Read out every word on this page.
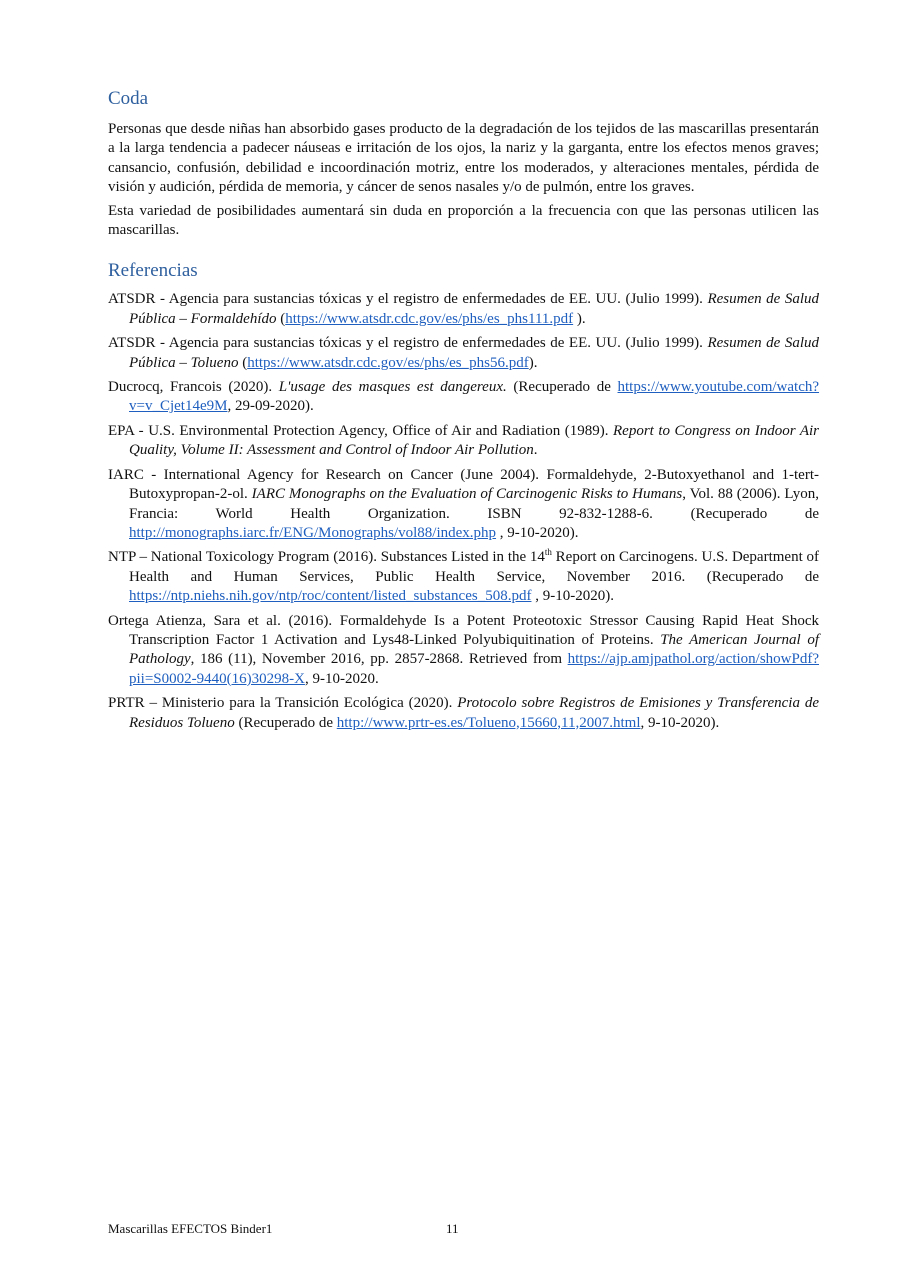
Coda

Personas que desde niñas han absorbido gases producto de la degradación de los tejidos de las mascarillas presentarán a la larga tendencia a padecer náuseas e irritación de los ojos, la nariz y la garganta, entre los efectos menos graves; cansancio, confusión, debilidad e incoordinación motriz, entre los moderados, y alteraciones mentales, pérdida de visión y audición, pérdida de memoria, y cáncer de senos nasales y/o de pulmón, entre los graves.

Esta variedad de posibilidades aumentará sin duda en proporción a la frecuencia con que las personas utilicen las mascarillas.

Referencias

ATSDR - Agencia para sustancias tóxicas y el registro de enfermedades de EE. UU. (Julio 1999). Resumen de Salud Pública – Formaldehído (https://www.atsdr.cdc.gov/es/phs/es_phs111.pdf ).

ATSDR - Agencia para sustancias tóxicas y el registro de enfermedades de EE. UU. (Julio 1999). Resumen de Salud Pública – Tolueno (https://www.atsdr.cdc.gov/es/phs/es_phs56.pdf).

Ducrocq, Francois (2020). L'usage des masques est dangereux. (Recuperado de https://www.youtube.com/watch?v=v_Cjet14e9M, 29-09-2020).

EPA - U.S. Environmental Protection Agency, Office of Air and Radiation (1989). Report to Congress on Indoor Air Quality, Volume II: Assessment and Control of Indoor Air Pollution.

IARC - International Agency for Research on Cancer (June 2004). Formaldehyde, 2-Butoxyethanol and 1-tert-Butoxypropan-2-ol. IARC Monographs on the Evaluation of Carcinogenic Risks to Humans, Vol. 88 (2006). Lyon, Francia: World Health Organization. ISBN 92-832-1288-6. (Recuperado de http://monographs.iarc.fr/ENG/Monographs/vol88/index.php , 9-10-2020).

NTP – National Toxicology Program (2016). Substances Listed in the 14th Report on Carcinogens. U.S. Department of Health and Human Services, Public Health Service, November 2016. (Recuperado de https://ntp.niehs.nih.gov/ntp/roc/content/listed_substances_508.pdf , 9-10-2020).

Ortega Atienza, Sara et al. (2016). Formaldehyde Is a Potent Proteotoxic Stressor Causing Rapid Heat Shock Transcription Factor 1 Activation and Lys48-Linked Polyubiquitination of Proteins. The American Journal of Pathology, 186 (11), November 2016, pp. 2857-2868. Retrieved from https://ajp.amjpathol.org/action/showPdf?pii=S0002-9440(16)30298-X, 9-10-2020.

PRTR – Ministerio para la Transición Ecológica (2020). Protocolo sobre Registros de Emisiones y Transferencia de Residuos Tolueno (Recuperado de http://www.prtr-es.es/Tolueno,15660,11,2007.html, 9-10-2020).

Mascarillas EFECTOS Binder1	11
